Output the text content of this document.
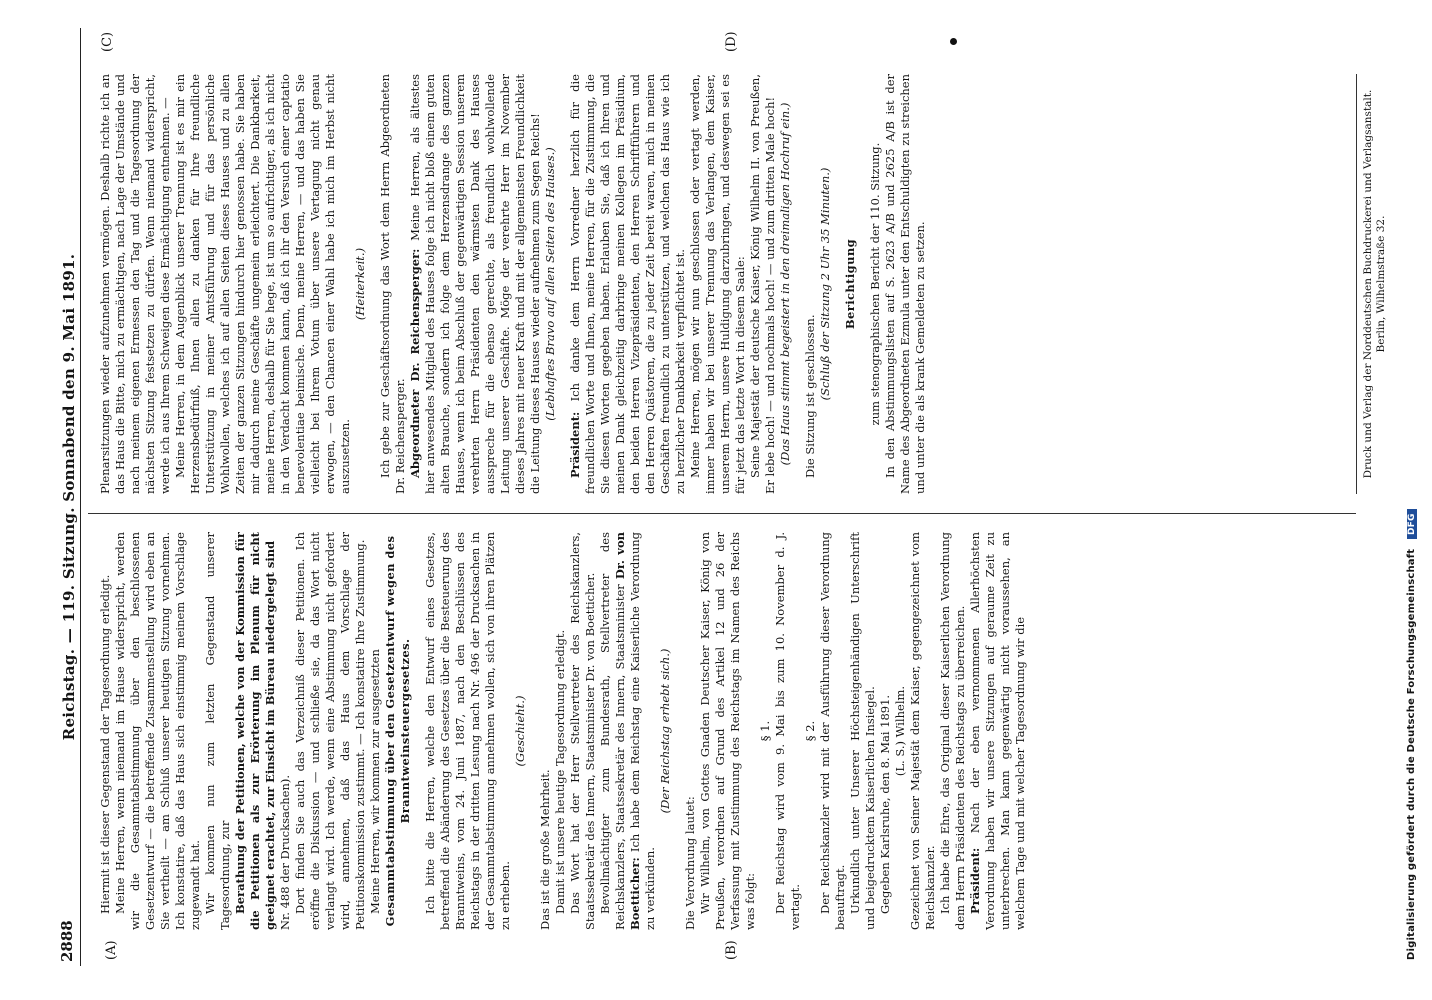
2888
Reichstag. — 119. Sitzung. Sonnabend den 9. Mai 1891.
(A)	(B)
(C)	(D)

Hiermit ist dieser Gegenstand der Tagesordnung erledigt. Meine Herren, wenn niemand im Hause widerspricht, werden wir die Gesammtabstimmung über den beschlossenen Gesetzentwurf — die betreffende Zusammenstellung wird eben an Sie vertheilt — am Schluß unserer heutigen Sitzung vornehmen. Ich konstatire, daß das Haus sich einstimmig meinem Vorschlage zugewandt hat. Wir kommen nun zum letzten Gegenstand unserer Tagesordnung, zur Berathung der Petitionen, welche von der Kommission für die Petitionen als zur Erörterung im Plenum für nicht geeignet erachtet, zur Einsicht im Büreau niedergelegt sind Nr. 488 der Drucksachen). Dort finden Sie auch das Verzeichniß dieser Petitionen. Ich eröffne die Diskussion — und schließe sie, da das Wort nicht verlangt wird. Ich werde, wenn eine Abstimmung nicht gefordert wird, annehmen, daß das Haus dem Vorschlage der Petitionskommission zustimmt. — Ich konstatire Ihre Zustimmung. Meine Herren, wir kommen zur ausgesetzten Gesammtabstimmung über den Gesetzentwurf wegen des Branntweinsteuergesetzes. Ich bitte die Herren, welche den Entwurf eines Gesetzes, betreffend die Abänderung des Gesetzes über die Besteuerung des Branntweins, vom 24. Juni 1887, nach den Beschlüssen des Reichstags in der dritten Lesung nach Nr. 496 der Drucksachen in der Gesammtabstimmung annehmen wollen, sich von ihren Plätzen zu erheben.

(Geschieht.)

Das ist die große Mehrheit. Damit ist unsere heutige Tagesordnung erledigt. Das Wort hat der Herr Stellvertreter des Reichskanzlers, Staatssekretär des Innern, Staatsminister Dr. von Boetticher. Bevollmächtigter zum Bundesrath, Stellvertreter des Reichskanzlers, Staatssekretär des Innern, Staatsminister Dr. von Boetticher: Ich habe dem Reichstag eine Kaiserliche Verordnung zu verkünden.

(Der Reichstag erhebt sich.)

Die Verordnung lautet: Wir Wilhelm, von Gottes Gnaden Deutscher Kaiser, König von Preußen, verordnen auf Grund des Artikel 12 und 26 der Verfassung mit Zustimmung des Reichstags im Namen des Reichs was folgt:

§ 1. Der Reichstag wird vom 9. Mai bis zum 10. November d. J. vertagt.

§ 2. Der Reichskanzler wird mit der Ausführung dieser Verordnung beauftragt. Urkundlich unter Unserer Höchsteigenhändigen Unterschrift und beigedrucktem Kaiserlichen Insiegel. Gegeben Karlsruhe, den 8. Mai 1891. (L. S.) Wilhelm. Gezeichnet von Seiner Majestät dem Kaiser, gegengezeichnet vom Reichskanzler. Ich habe die Ehre, das Original dieser Kaiserlichen Verordnung dem Herrn Präsidenten des Reichstags zu überreichen. Präsident: Nach der eben vernommenen Allerhöchsten Verordnung haben wir unsere Sitzungen auf geraume Zeit zu unterbrechen. Man kann gegenwärtig nicht voraussehen, an welchem Tage und mit welcher Tagesordnung wir die

Plenarsitzungen wieder aufzunehmen vermögen. Deshalb richte ich an das Haus die Bitte, mich zu ermächtigen, nach Lage der Umstände und nach meinem eigenen Ermessen den Tag und die Tagesordnung der nächsten Sitzung festsetzen zu dürfen. Wenn niemand widerspricht, werde ich aus Ihrem Schweigen diese Ermächtigung entnehmen. — Meine Herren, in dem Augenblick unserer Trennung ist es mir ein Herzensbedürfniß, Ihnen allen zu danken für Ihre freundliche Unterstützung in meiner Amtsführung und für das persönliche Wohlwollen, welches ich auf allen Seiten dieses Hauses und zu allen Zeiten der ganzen Sitzungen hindurch hier genossen habe. Sie haben mir dadurch meine Geschäfte ungemein erleichtert. Die Dankbarkeit, meine Herren, deshalb für Sie hege, ist um so aufrichtiger, als ich nicht in den Verdacht kommen kann, daß ich ihr den Versuch einer captatio benevolentiae beimische. Denn, meine Herren, — und das haben Sie vielleicht bei Ihrem Votum über unsere Vertagung nicht genau erwogen, — den Chancen einer Wahl habe ich mich im Herbst nicht auszusetzen.

(Heiterkeit.) Ich gebe zur Geschäftsordnung das Wort dem Herrn Abgeordneten Dr. Reichensperger. Abgeordneter Dr. Reichensperger: Meine Herren, als ältestes hier anwesendes Mitglied des Hauses folge ich nicht bloß einem guten alten Brauche, sondern ich folge dem Herzensdrange des ganzen Hauses, wenn ich beim Abschluß der gegenwärtigen Session unserem verehrten Herrn Präsidenten den wärmsten Dank des Hauses ausspreche für die ebenso gerechte, als freundlich wohlwollende Leitung unserer Geschäfte. Möge der verehrte Herr im November dieses Jahres mit neuer Kraft und mit der allgemeinsten Freundlichkeit die Leitung dieses Hauses wieder aufnehmen zum Segen Reichs! (Lebhaftes Bravo auf allen Seiten des Hauses.)

Präsident: Ich danke dem Herrn Vorredner herzlich für die freundlichen Worte und Ihnen, meine Herren, für die Zustimmung, die Sie diesen Worten gegeben haben. Erlauben Sie, daß ich Ihren und meinen Dank gleichzeitig darbringe meinen Kollegen im Präsidium, den beiden Herren Vizepräsidenten, den Herren Schriftführern und den Herren Quästoren, die zu jeder Zeit bereit waren, mich in meinen Geschäften freundlich zu unterstützen, und welchen das Haus wie ich zu herzlicher Dankbarkeit verpflichtet ist. Meine Herren, mögen wir nun geschlossen oder vertagt werden, immer haben wir bei unserer Trennung das Verlangen, dem Kaiser, unserem Herrn, unsere Huldigung darzubringen, und deswegen sei es für jetzt das letzte Wort in diesem Saale: Seine Majestät der deutsche Kaiser, König Wilhelm II. von Preußen, Er lebe hoch! — und nochmals hoch! — und zum dritten Male hoch! (Das Haus stimmt begeistert in den dreimaligen Hochruf ein.) Die Sitzung ist geschlossen. (Schluß der Sitzung 2 Uhr 35 Minuten.) Berichtigung zum stenographischen Bericht der 110. Sitzung. In den Abstimmungslisten auf S. 2623 A/B und 2625 A/B ist der Name des Abgeordneten Ezmula unter den Entschuldigten zu streichen und unter die als krank Gemeldeten zu setzen.	Druck und Verlag der Norddeutschen Buchdruckerei und Verlagsanstalt. Berlin, Wilhelmstraße 32.
Digitalisierung gefördert durch die Deutsche Forschungsgemeinschaft DFG
